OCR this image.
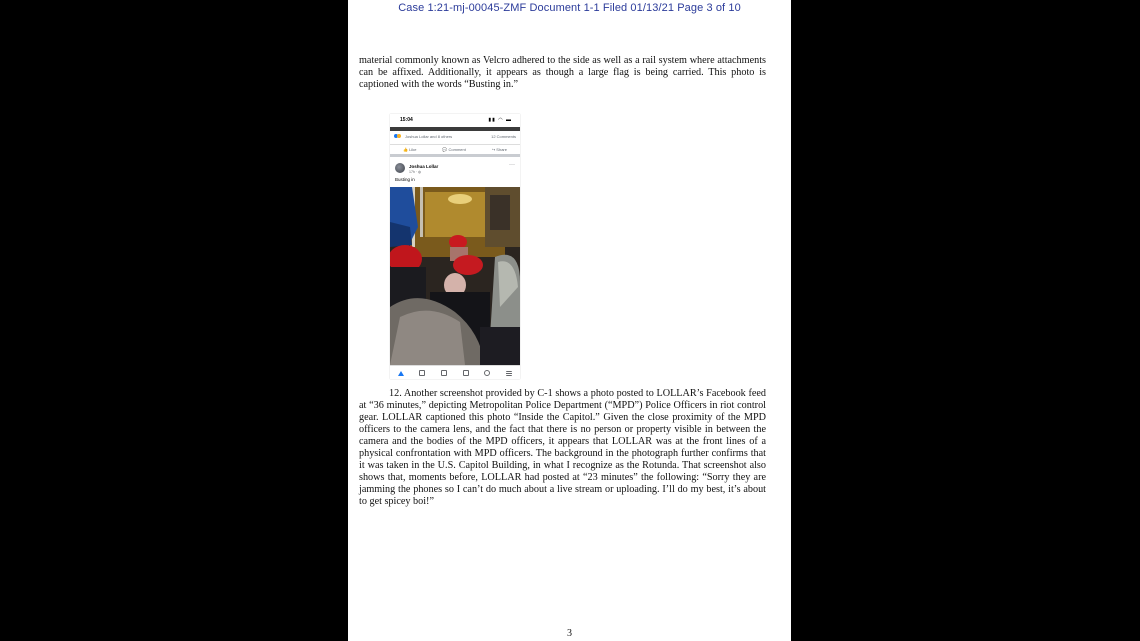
Case 1:21-mj-00045-ZMF Document 1-1 Filed 01/13/21 Page 3 of 10

material commonly known as Velcro adhered to the side as well as a rail system where attachments can be affixed. Additionally, it appears as though a large flag is being carried. This photo is captioned with the words “Busting in.”

15:04	▮▮ ◠ ▬
Joshua Lollar and 8 others	12 Comments
👍 Like	💬 Comment	↪ Share
Joshua Lollar
17h · ◍
···
Busting in

12. Another screenshot provided by C-1 shows a photo posted to LOLLAR’s Facebook feed at “36 minutes,” depicting Metropolitan Police Department (“MPD”) Police Officers in riot control gear. LOLLAR captioned this photo “Inside the Capitol.” Given the close proximity of the MPD officers to the camera lens, and the fact that there is no person or property visible in between the camera and the bodies of the MPD officers, it appears that LOLLAR was at the front lines of a physical confrontation with MPD officers. The background in the photograph further confirms that it was taken in the U.S. Capitol Building, in what I recognize as the Rotunda. That screenshot also shows that, moments before, LOLLAR had posted at “23 minutes” the following: “Sorry they are jamming the phones so I can’t do much about a live stream or uploading. I’ll do my best, it’s about to get spicey boi!”

3
